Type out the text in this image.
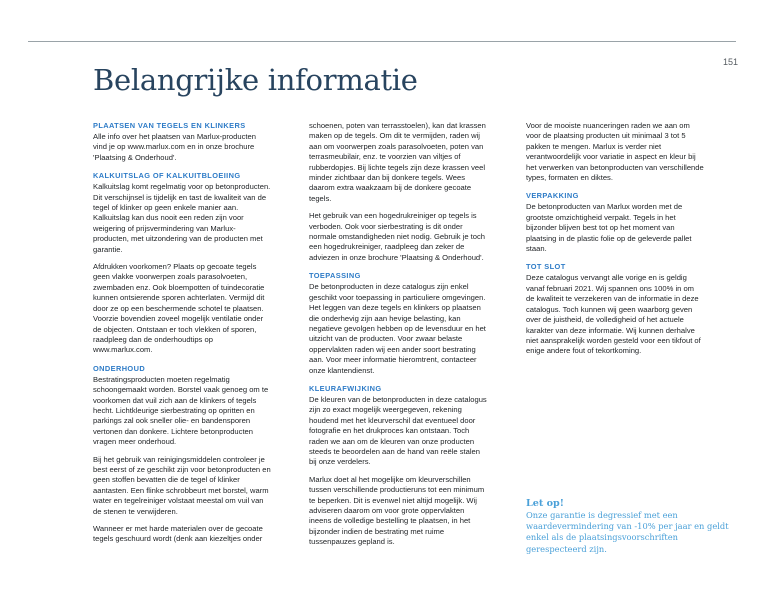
151
Belangrijke informatie
PLAATSEN VAN TEGELS EN KLINKERS

Alle info over het plaatsen van Marlux-producten vind je op www.marlux.com en in onze brochure 'Plaatsing & Onderhoud'.

KALKUITSLAG OF KALKUITBLOEIING

Kalkuitslag komt regelmatig voor op betonproducten. Dit verschijnsel is tijdelijk en tast de kwaliteit van de tegel of klinker op geen enkele manier aan. Kalkuitslag kan dus nooit een reden zijn voor weigering of prijsvermindering van Marlux-producten, met uitzondering van de producten met garantie.

Afdrukken voorkomen? Plaats op gecoate tegels geen vlakke voorwerpen zoals parasolvoeten, zwembaden enz. Ook bloempotten of tuindecoratie kunnen ontsierende sporen achterlaten. Vermijd dit door ze op een beschermende schotel te plaatsen. Voorzie bovendien zoveel mogelijk ventilatie onder de objecten. Ontstaan er toch vlekken of sporen, raadpleeg dan de onderhoudtips op www.marlux.com.

ONDERHOUD

Bestratingsproducten moeten regelmatig schoongemaakt worden. Borstel vaak genoeg om te voorkomen dat vuil zich aan de klinkers of tegels hecht. Lichtkleurige sierbestrating op opritten en parkings zal ook sneller olie- en bandensporen vertonen dan donkere. Lichtere betonproducten vragen meer onderhoud.

Bij het gebruik van reinigingsmiddelen controleer je best eerst of ze geschikt zijn voor betonproducten en geen stoffen bevatten die de tegel of klinker aantasten. Een flinke schrobbeurt met borstel, warm water en tegelreiniger volstaat meestal om vuil van de stenen te verwijderen.

Wanneer er met harde materialen over de gecoate tegels geschuurd wordt (denk aan kiezeltjes onder

schoenen, poten van terrasstoelen), kan dat krassen maken op de tegels. Om dit te vermijden, raden wij aan om voorwerpen zoals parasolvoeten, poten van terrasmeubilair, enz. te voorzien van viltjes of rubberdopjes. Bij lichte tegels zijn deze krassen veel minder zichtbaar dan bij donkere tegels. Wees daarom extra waakzaam bij de donkere gecoate tegels.

Het gebruik van een hogedrukreiniger op tegels is verboden. Ook voor sierbestrating is dit onder normale omstandigheden niet nodig. Gebruik je toch een hogedrukreiniger, raadpleeg dan zeker de adviezen in onze brochure 'Plaatsing & Onderhoud'.

TOEPASSING

De betonproducten in deze catalogus zijn enkel geschikt voor toepassing in particuliere omgevingen. Het leggen van deze tegels en klinkers op plaatsen die onderhevig zijn aan hevige belasting, kan negatieve gevolgen hebben op de levensduur en het uitzicht van de producten. Voor zwaar belaste oppervlakten raden wij een ander soort bestrating aan. Voor meer informatie hieromtrent, contacteer onze klantendienst.

KLEURAFWIJKING

De kleuren van de betonproducten in deze catalogus zijn zo exact mogelijk weergegeven, rekening houdend met het kleurverschil dat eventueel door fotografie en het drukproces kan ontstaan. Toch raden we aan om de kleuren van onze producten steeds te beoordelen aan de hand van reële stalen bij onze verdelers.

Marlux doet al het mogelijke om kleurverschillen tussen verschillende productieruns tot een minimum te beperken. Dit is evenwel niet altijd mogelijk. Wij adviseren daarom om voor grote oppervlakten ineens de volledige bestelling te plaatsen, in het bijzonder indien de bestrating met ruime tussenpauzes gepland is.

Voor de mooiste nuanceringen raden we aan om voor de plaatsing producten uit minimaal 3 tot 5 pakken te mengen. Marlux is verder niet verantwoordelijk voor variatie in aspect en kleur bij het verwerken van betonproducten van verschillende types, formaten en diktes.

VERPAKKING

De betonproducten van Marlux worden met de grootste omzichtigheid verpakt. Tegels in het bijzonder blijven best tot op het moment van plaatsing in de plastic folie op de geleverde pallet staan.

TOT SLOT

Deze catalogus vervangt alle vorige en is geldig vanaf februari 2021. Wij spannen ons 100% in om de kwaliteit te verzekeren van de informatie in deze catalogus. Toch kunnen wij geen waarborg geven over de juistheid, de volledigheid of het actuele karakter van deze informatie. Wij kunnen derhalve niet aansprakelijk worden gesteld voor een tikfout of enige andere fout of tekortkoming.

Let op!

Onze garantie is degressief met een waardevermindering van -10% per jaar en geldt enkel als de plaatsingsvoorschriften gerespecteerd zijn.
